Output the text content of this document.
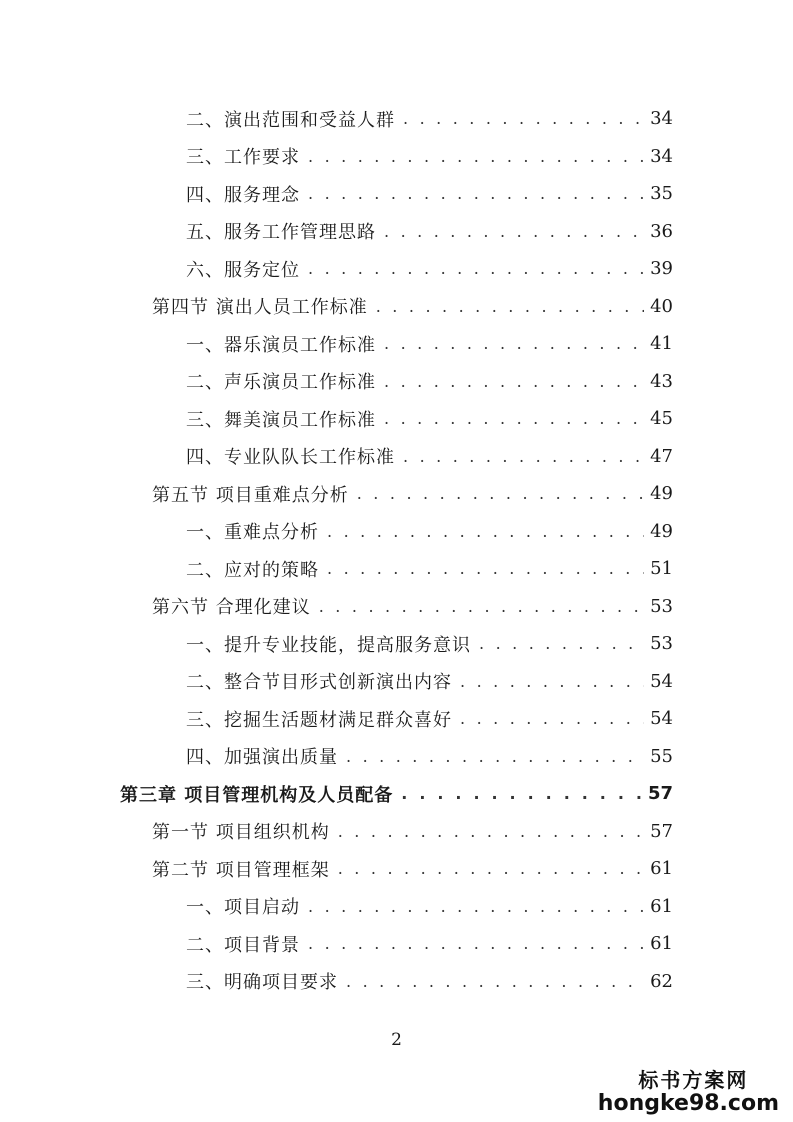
二、演出范围和受益人群 . . .	34
三、工作要求 . . .	34
四、服务理念 . . .	35
五、服务工作管理思路 . . .	36
六、服务定位 . . .	39
第四节 演出人员工作标准 . . .	40
一、器乐演员工作标准 . . .	41
二、声乐演员工作标准 . . .	43
三、舞美演员工作标准 . . .	45
四、专业队队长工作标准 . . .	47
第五节 项目重难点分析 . . .	49
一、重难点分析 . . .	49
二、应对的策略 . . .	51
第六节 合理化建议 . . .	53
一、提升专业技能，提高服务意识 . . .	53
二、整合节目形式创新演出内容 . . .	54
三、挖掘生活题材满足群众喜好 . . .	54
四、加强演出质量 . . .	55
第三章 项目管理机构及人员配备 . . .	57
第一节 项目组织机构 . . .	57
第二节 项目管理框架 . . .	61
一、项目启动 . . .	61
二、项目背景 . . .	61
三、明确项目要求 . . .	62
2
标书方案网
hongke98.com
